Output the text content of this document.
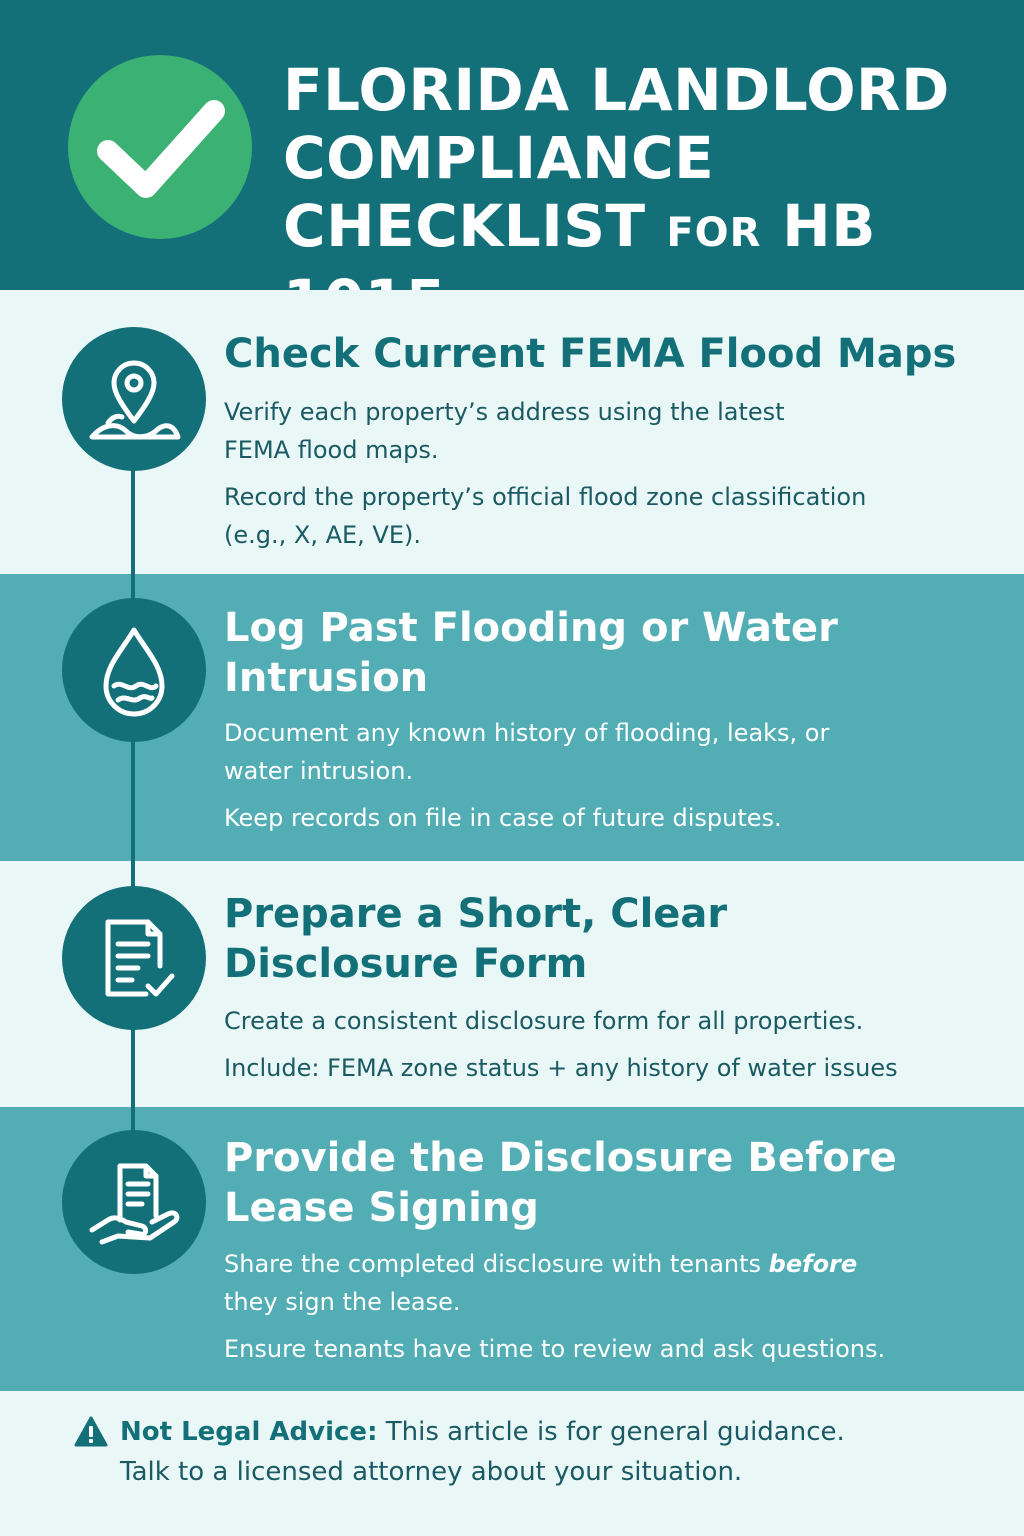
FLORIDA LANDLORD
COMPLIANCE
CHECKLIST FOR HB
Check Current FEMA Flood Maps
Verify each property’s address using the latest
FEMA flood maps.
Record the property’s official flood zone classification
(e.g., X, AE, VE).
Log Past Flooding or Water
Intrusion
Document any known history of flooding, leaks, or
water intrusion.
Keep records on file in case of future disputes.
Prepare a Short, Clear
Disclosure Form
Create a consistent disclosure form for all properties.
Include: FEMA zone status + any history of water issues
Provide the Disclosure Before
Lease Signing
Share the completed disclosure with tenants before
they sign the lease.
Ensure tenants have time to review and ask questions.
Not Legal Advice: This article is for general guidance.
Talk to a licensed attorney about your situation.
